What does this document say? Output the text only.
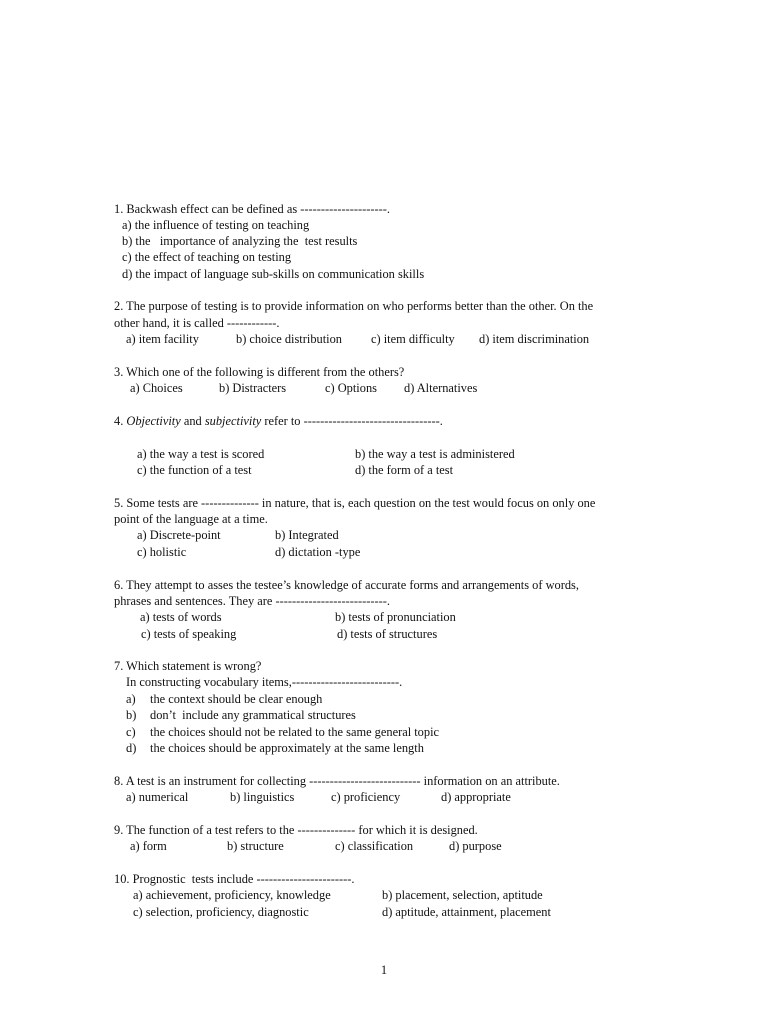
1. Backwash effect can be defined as ---------------------.
a) the influence of testing on teaching
b) the   importance of analyzing the  test results
c) the effect of teaching on testing
d) the impact of language sub-skills on communication skills
2. The purpose of testing is to provide information on who performs better than the other. On the
other hand, it is called ------------.
a) item facility	b) choice distribution c) item difficulty d) item discrimination
3. Which one of the following is different from the others?
a) Choices	b) Distracters	c) Options d) Alternatives
4. Objectivity and subjectivity refer to ---------------------------------.
a) the way a test is scored	b) the way a test is administered
c) the function of a test	d) the form of a test
5. Some tests are -------------- in nature, that is, each question on the test would focus on only one
point of the language at a time.
a) Discrete-point	b) Integrated
c) holistic	d) dictation -type
6. They attempt to asses the testee’s knowledge of accurate forms and arrangements of words,
phrases and sentences. They are ---------------------------.
a) tests of words	b) tests of pronunciation
c) tests of speaking	d) tests of structures
7. Which statement is wrong?
In constructing vocabulary items,--------------------------.
a) the context should be clear enough
b) don’t  include any grammatical structures
c) the choices should not be related to the same general topic
d) the choices should be approximately at the same length
8. A test is an instrument for collecting --------------------------- information on an attribute.
a) numerical	b) linguistics	c) proficiency	d) appropriate
9. The function of a test refers to the -------------- for which it is designed.
a) form	b) structure	c) classification	d) purpose
10. Prognostic  tests include -----------------------.
a) achievement, proficiency, knowledge	b) placement, selection, aptitude
c) selection, proficiency, diagnostic	d) aptitude, attainment, placement
1
